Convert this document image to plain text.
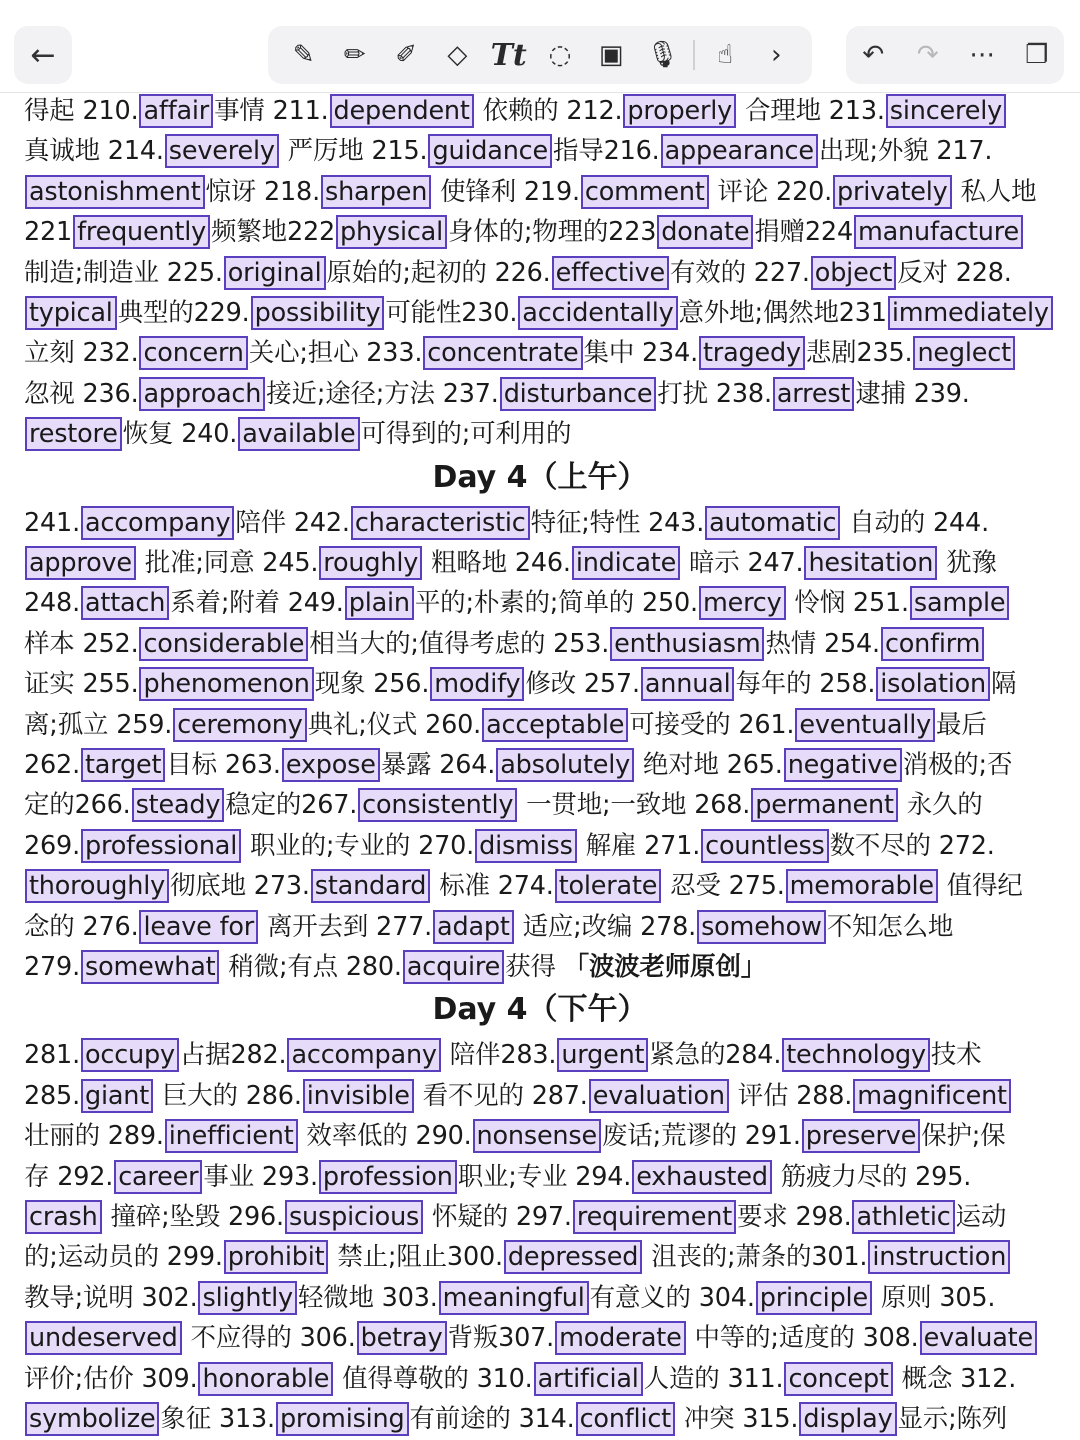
←	✎	✏	✐	◇ Tt ◌	▣ 🎙	☝	›	↶	↷	⋯	❐
得起 210. affair 事情 211. dependent 依赖的 212. properly 合理地 213. sincerely
真诚地 214. severely 严厉地 215. guidance 指导216. appearance 出现;外貌 217.
astonishment 惊讶 218. sharpen 使锋利 219. comment 评论 220. privately 私人地
221 frequently 频繁地222 physical 身体的;物理的223 donate 捐赠224 manufacture
制造;制造业 225. original 原始的;起初的 226. effective 有效的 227. object 反对 228.
typical 典型的229. possibility 可能性230. accidentally 意外地;偶然地231 immediately
立刻 232. concern 关心;担心 233. concentrate 集中 234. tragedy 悲剧235. neglect
忽视 236. approach 接近;途径;方法 237. disturbance 打扰 238. arrest 逮捕 239.
restore 恢复 240. available 可得到的;可利用的
Day 4（上午）
241. accompany 陪伴 242. characteristic 特征;特性 243. automatic 自动的 244.
approve 批准;同意 245. roughly 粗略地 246. indicate 暗示 247. hesitation 犹豫
248. attach 系着;附着 249. plain 平的;朴素的;简单的 250. mercy 怜悯 251. sample
样本 252. considerable 相当大的;值得考虑的 253. enthusiasm 热情 254. confirm
证实 255. phenomenon 现象 256. modify 修改 257. annual 每年的 258. isolation 隔
离;孤立 259. ceremony 典礼;仪式 260. acceptable 可接受的 261. eventually 最后
262. target 目标 263. expose 暴露 264. absolutely 绝对地 265. negative 消极的;否
定的266. steady 稳定的267. consistently 一贯地;一致地 268. permanent 永久的
269. professional 职业的;专业的 270. dismiss 解雇 271. countless 数不尽的 272.
thoroughly 彻底地 273. standard 标准 274. tolerate 忍受 275. memorable 值得纪
念的 276. leave for 离开去到 277. adapt 适应;改编 278. somehow 不知怎么地
279. somewhat 稍微;有点 280. acquire 获得 「波波老师原创」
Day 4（下午）
281. occupy 占据282. accompany 陪伴283. urgent 紧急的284. technology 技术
285. giant 巨大的 286. invisible 看不见的 287. evaluation 评估 288. magnificent
壮丽的 289. inefficient 效率低的 290. nonsense 废话;荒谬的 291. preserve 保护;保
存 292. career 事业 293. profession 职业;专业 294. exhausted 筋疲力尽的 295.
crash 撞碎;坠毁 296. suspicious 怀疑的 297. requirement 要求 298. athletic 运动
的;运动员的 299. prohibit 禁止;阻止300. depressed 沮丧的;萧条的301. instruction
教导;说明 302. slightly 轻微地 303. meaningful 有意义的 304. principle 原则 305.
undeserved 不应得的 306. betray 背叛307. moderate 中等的;适度的 308. evaluate
评价;估价 309. honorable 值得尊敬的 310. artificial 人造的 311. concept 概念 312.
symbolize 象征 313. promising 有前途的 314. conflict 冲突 315. display 显示;陈列
